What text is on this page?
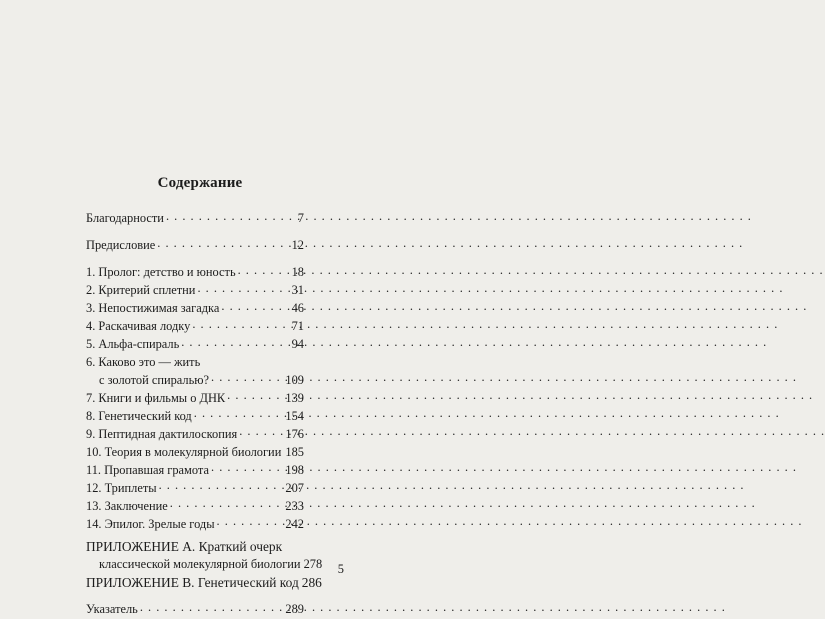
Содержание
Благодарности . . .	7
Предисловие . . .	12
1. Пролог: детство и юность . . .	18
2. Критерий сплетни . . .	31
3. Непостижимая загадка . . .	46
4. Раскачивая лодку . . .	71
5. Альфа-спираль . . .	94
6. Каково это — жить
с золотой спиралью? . . .	109
7. Книги и фильмы о ДНК . . .	139
8. Генетический код . . .	154
9. Пептидная дактилоскопия . . .	176
10. Теория в молекулярной биологии . . . 185
11. Пропавшая грамота . . .	198
12. Триплеты . . .	207
13. Заключение . . .	233
14. Эпилог. Зрелые годы . . .	242
ПРИЛОЖЕНИЕ А. Краткий очерк
классической молекулярной биологии 278
ПРИЛОЖЕНИЕ В. Генетический код 286
Указатель . . .	289
5
